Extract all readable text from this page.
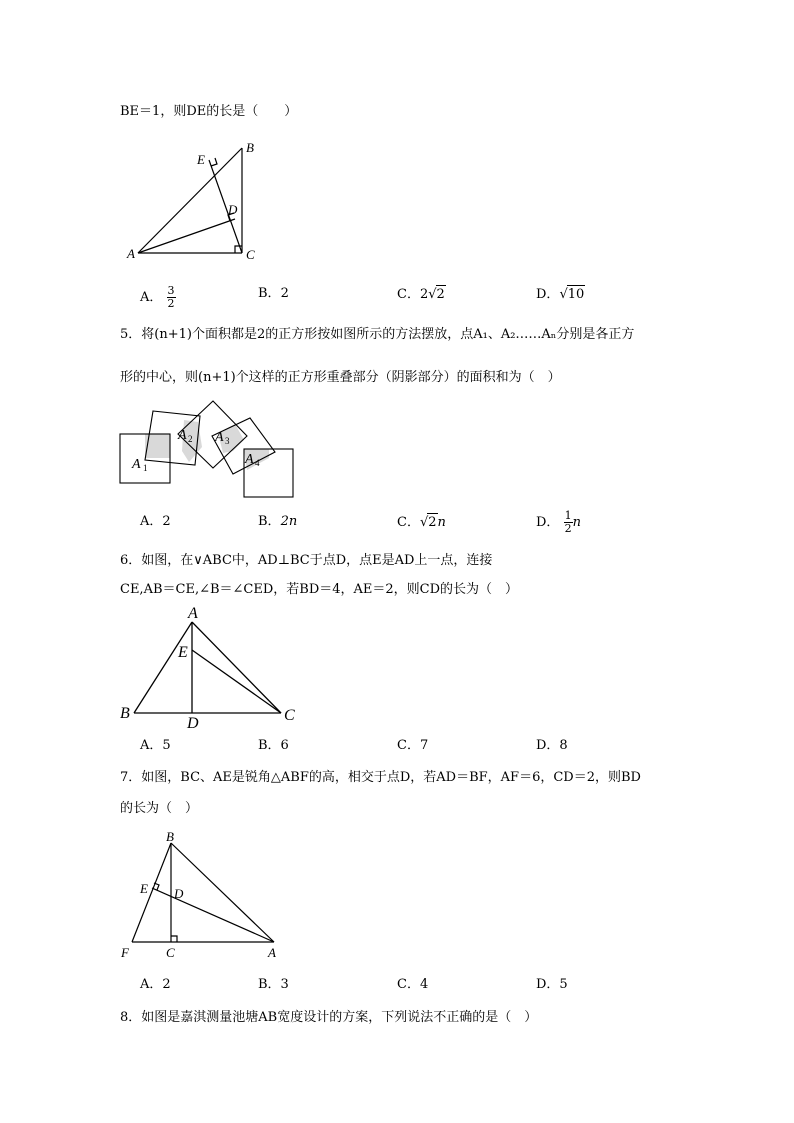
BE＝1，则DE的长是（　　）
A
B
C
D
E
A． $\frac{3}{2}$	B．2	C．2√2	D．√10
5．将(n+1)个面积都是2的正方形按如图所示的方法摆放，点A₁、A₂……Aₙ分别是各正方
形的中心，则(n+1)个这样的正方形重叠部分（阴影部分）的面积和为（　）
A 1
A 2 A 3
A 4
A．2	B．2n	C．√2n	D． $\frac{1}{2}$ n
6．如图，在∨ABC中，AD⊥BC于点D，点E是AD上一点，连接
CE,AB＝CE,∠B＝∠CED，若BD＝4，AE＝2，则CD的长为（　）
A
B	C
D
E
A．5	B．6	C．7	D．8
7．如图，BC、AE是锐角△ABF的高，相交于点D，若AD＝BF，AF＝6，CD＝2，则BD
的长为（　）
B
E D
F	C	A
A．2	B．3	C．4	D．5
8．如图是嘉淇测量池塘AB宽度设计的方案，下列说法不正确的是（　）
